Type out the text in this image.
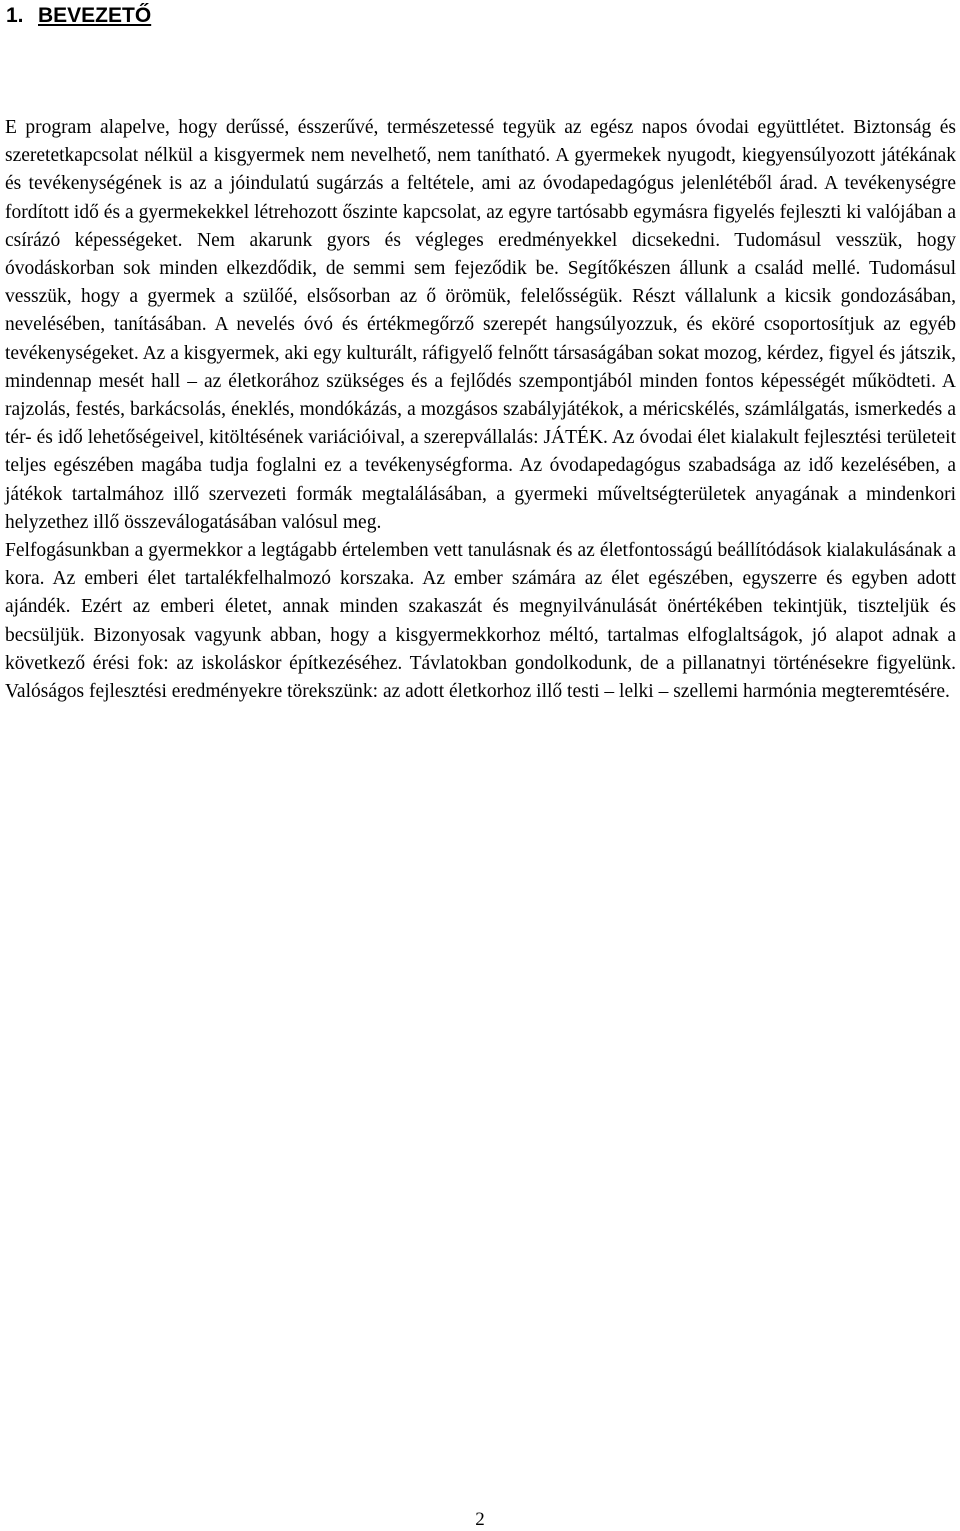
1. BEVEZETŐ

E program alapelve, hogy derűssé, ésszerűvé, természetessé tegyük az egész napos óvodai együttlétet. Biztonság és szeretetkapcsolat nélkül a kisgyermek nem nevelhető, nem tanítható. A gyermekek nyugodt, kiegyensúlyozott játékának és tevékenységének is az a jóindulatú sugárzás a feltétele, ami az óvodapedagógus jelenlétéből árad. A tevékenységre fordított idő és a gyermekekkel létrehozott őszinte kapcsolat, az egyre tartósabb egymásra figyelés fejleszti ki valójában a csírázó képességeket. Nem akarunk gyors és végleges eredményekkel dicsekedni. Tudomásul vesszük, hogy óvodáskorban sok minden elkezdődik, de semmi sem fejeződik be. Segítőkészen állunk a család mellé. Tudomásul vesszük, hogy a gyermek a szülőé, elsősorban az ő örömük, felelősségük. Részt vállalunk a kicsik gondozásában, nevelésében, tanításában. A nevelés óvó és értékmegőrző szerepét hangsúlyozzuk, és eköré csoportosítjuk az egyéb tevékenységeket. Az a kisgyermek, aki egy kulturált, ráfigyelő felnőtt társaságában sokat mozog, kérdez, figyel és játszik, mindennap mesét hall – az életkorához szükséges és a fejlődés szempontjából minden fontos képességét működteti. A rajzolás, festés, barkácsolás, éneklés, mondókázás, a mozgásos szabályjátékok, a méricskélés, számlálgatás, ismerkedés a tér- és idő lehetőségeivel, kitöltésének variációival, a szerepvállalás: JÁTÉK. Az óvodai élet kialakult fejlesztési területeit teljes egészében magába tudja foglalni ez a tevékenységforma. Az óvodapedagógus szabadsága az idő kezelésében, a játékok tartalmához illő szervezeti formák megtalálásában, a gyermeki műveltségterületek anyagának a mindenkori helyzethez illő összeválogatásában valósul meg.

Felfogásunkban a gyermekkor a legtágabb értelemben vett tanulásnak és az életfontosságú beállítódások kialakulásának a kora. Az emberi élet tartalékfelhalmozó korszaka. Az ember számára az élet egészében, egyszerre és egyben adott ajándék. Ezért az emberi életet, annak minden szakaszát és megnyilvánulását önértékében tekintjük, tiszteljük és becsüljük. Bizonyosak vagyunk abban, hogy a kisgyermekkorhoz méltó, tartalmas elfoglaltságok, jó alapot adnak a következő érési fok: az iskoláskor építkezéséhez. Távlatokban gondolkodunk, de a pillanatnyi történésekre figyelünk. Valóságos fejlesztési eredményekre törekszünk: az adott életkorhoz illő testi – lelki – szellemi harmónia megteremtésére.

2
